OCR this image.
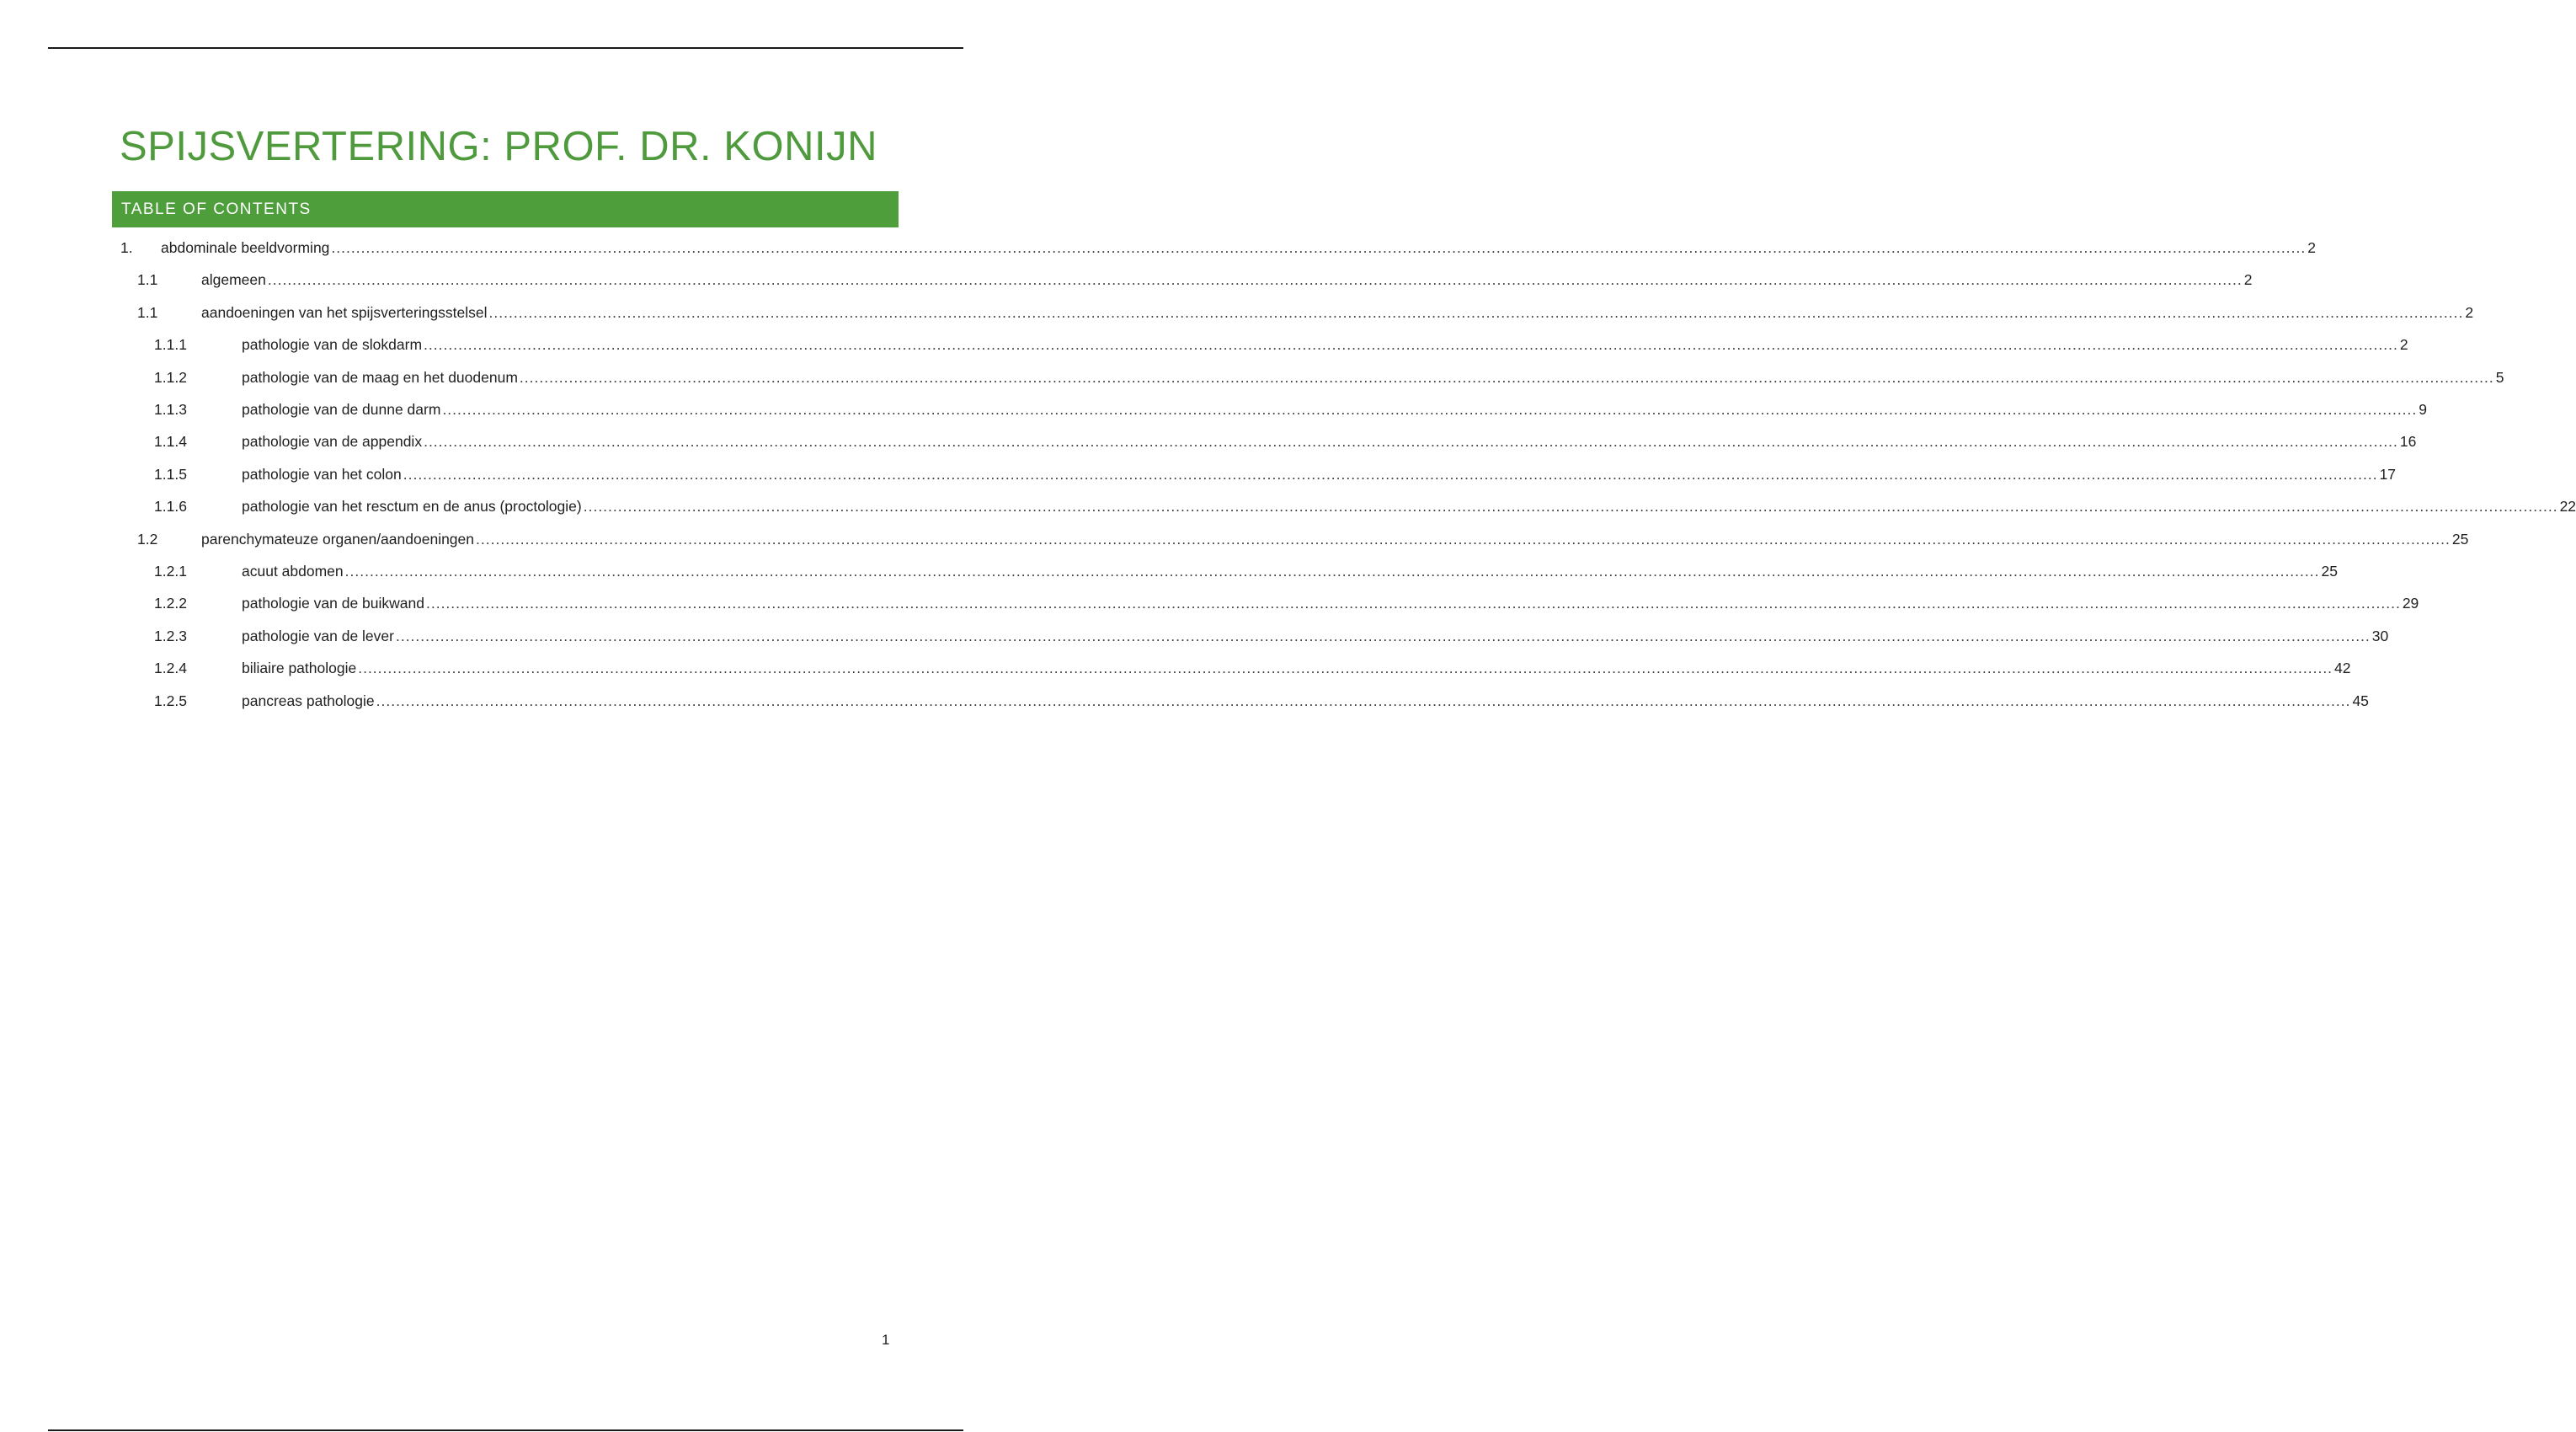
SPIJSVERTERING: PROF. DR. KONIJN
TABLE OF CONTENTS
1. abdominale beeldvorming ................................................................................................................................................................................................................................................................................................................................................................................................................ 2
1.1	algemeen ................................................................................................................................................................................................................................................................................................................................................................................................................ 2
1.1	aandoeningen van het spijsverteringsstelsel ................................................................................................................................................................................................................................................................................................................................................................................................................ 2
1.1.1	pathologie van de slokdarm ................................................................................................................................................................................................................................................................................................................................................................................................................ 2
1.1.2	pathologie van de maag en het duodenum ................................................................................................................................................................................................................................................................................................................................................................................................................ 5
1.1.3	pathologie van de dunne darm ................................................................................................................................................................................................................................................................................................................................................................................................................ 9
1.1.4	pathologie van de appendix ................................................................................................................................................................................................................................................................................................................................................................................................................ 16
1.1.5	pathologie van het colon ................................................................................................................................................................................................................................................................................................................................................................................................................ 17
1.1.6	pathologie van het resctum en de anus (proctologie) ................................................................................................................................................................................................................................................................................................................................................................................................................ 22
1.2	parenchymateuze organen/aandoeningen ................................................................................................................................................................................................................................................................................................................................................................................................................ 25
1.2.1	acuut abdomen ................................................................................................................................................................................................................................................................................................................................................................................................................ 25
1.2.2	pathologie van de buikwand ................................................................................................................................................................................................................................................................................................................................................................................................................ 29
1.2.3	pathologie van de lever ................................................................................................................................................................................................................................................................................................................................................................................................................ 30
1.2.4	biliaire pathologie ................................................................................................................................................................................................................................................................................................................................................................................................................ 42
1.2.5	pancreas pathologie ................................................................................................................................................................................................................................................................................................................................................................................................................ 45
1
